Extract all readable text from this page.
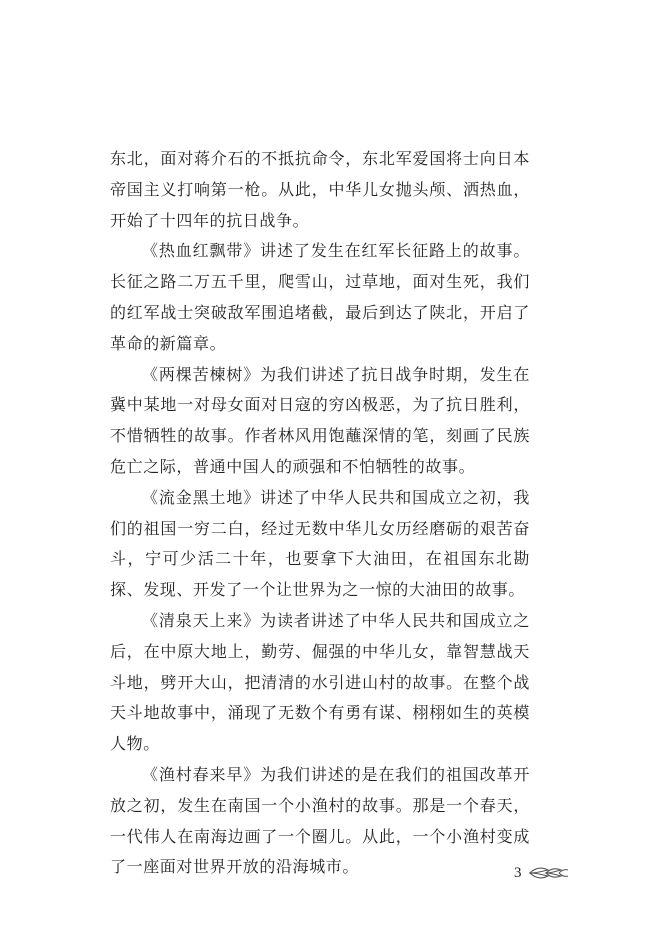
东北，面对蒋介石的不抵抗命令，东北军爱国将士向日本帝国主义打响第一枪。从此，中华儿女抛头颅、洒热血，开始了十四年的抗日战争。

《热血红飘带》讲述了发生在红军长征路上的故事。长征之路二万五千里，爬雪山，过草地，面对生死，我们的红军战士突破敌军围追堵截，最后到达了陕北，开启了革命的新篇章。

《两棵苦楝树》为我们讲述了抗日战争时期，发生在冀中某地一对母女面对日寇的穷凶极恶，为了抗日胜利，不惜牺牲的故事。作者林风用饱蘸深情的笔，刻画了民族危亡之际，普通中国人的顽强和不怕牺牲的故事。

《流金黑土地》讲述了中华人民共和国成立之初，我们的祖国一穷二白，经过无数中华儿女历经磨砺的艰苦奋斗，宁可少活二十年，也要拿下大油田，在祖国东北勘探、发现、开发了一个让世界为之一惊的大油田的故事。

《清泉天上来》为读者讲述了中华人民共和国成立之后，在中原大地上，勤劳、倔强的中华儿女，靠智慧战天斗地，劈开大山，把清清的水引进山村的故事。在整个战天斗地故事中，涌现了无数个有勇有谋、栩栩如生的英模人物。

《渔村春来早》为我们讲述的是在我们的祖国改革开放之初，发生在南国一个小渔村的故事。那是一个春天，一代伟人在南海边画了一个圈儿。从此，一个小渔村变成了一座面对世界开放的沿海城市。	3
